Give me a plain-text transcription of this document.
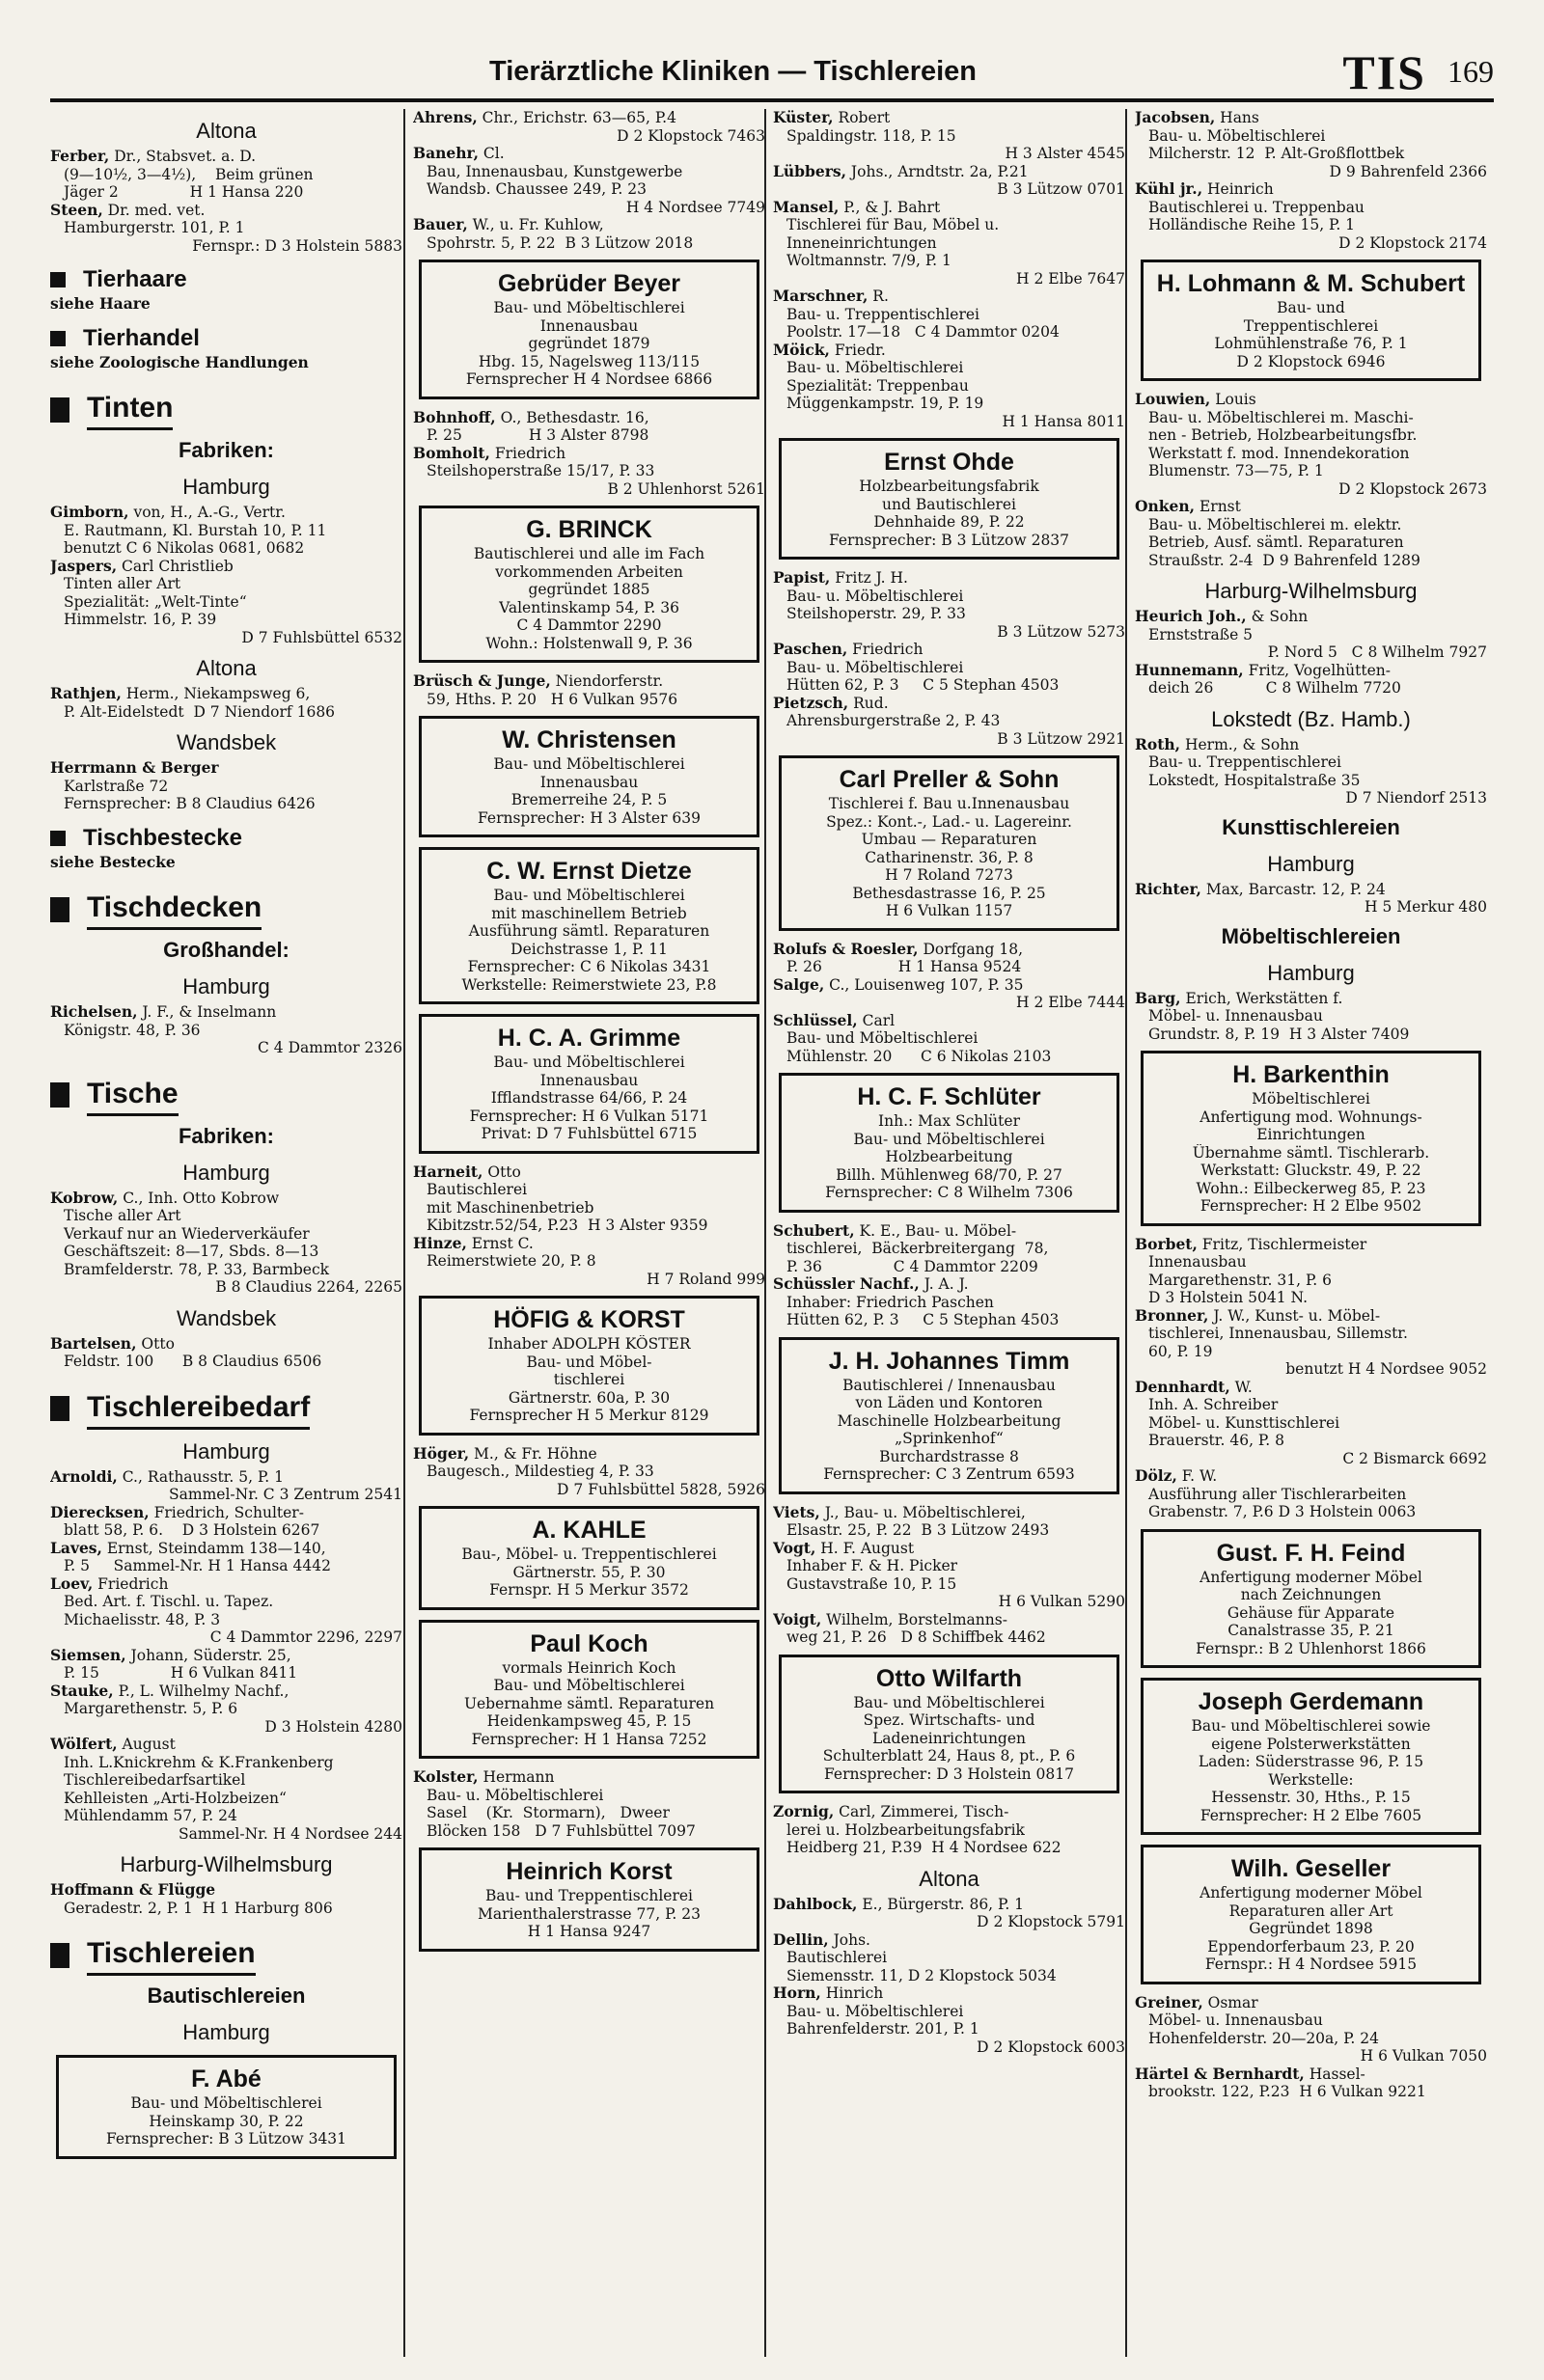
Tierärztliche Kliniken — Tischlereien	TIS 169
Altona
Ferber, Dr., Stabsvet. a. D.
(9—10½, 3—4½),    Beim grünen
Jäger 2               H 1 Hansa 220
Steen, Dr. med. vet.
Hamburgerstr. 101, P. 1
Fernspr.: D 3 Holstein 5883
Tierhaare
siehe Haare
Tierhandel
siehe Zoologische Handlungen
Tinten
Fabriken:
Hamburg
Gimborn, von, H., A.-G., Vertr.
E. Rautmann, Kl. Burstah 10, P. 11
benutzt C 6 Nikolas 0681, 0682
Jaspers, Carl Christlieb
Tinten aller Art
Spezialität: „Welt-Tinte“
Himmelstr. 16, P. 39
D 7 Fuhlsbüttel 6532
Altona
Rathjen, Herm., Niekampsweg 6,
P. Alt-Eidelstedt  D 7 Niendorf 1686
Wandsbek
Herrmann & Berger
Karlstraße 72
Fernsprecher: B 8 Claudius 6426
Tischbestecke
siehe Bestecke
Tischdecken
Großhandel:
Hamburg
Richelsen, J. F., & Inselmann
Königstr. 48, P. 36
C 4 Dammtor 2326
Tische
Fabriken:
Hamburg
Kobrow, C., Inh. Otto Kobrow
Tische aller Art
Verkauf nur an Wiederverkäufer
Geschäftszeit: 8—17, Sbds. 8—13
Bramfelderstr. 78, P. 33, Barmbeck
B 8 Claudius 2264, 2265
Wandsbek
Bartelsen, Otto
Feldstr. 100      B 8 Claudius 6506
Tischlereibedarf
Hamburg
Arnoldi, C., Rathausstr. 5, P. 1
Sammel-Nr. C 3 Zentrum 2541
Dierecksen, Friedrich, Schulter-
blatt 58, P. 6.    D 3 Holstein 6267
Laves, Ernst, Steindamm 138—140,
P. 5     Sammel-Nr. H 1 Hansa 4442
Loev, Friedrich
Bed. Art. f. Tischl. u. Tapez.
Michaelisstr. 48, P. 3
C 4 Dammtor 2296, 2297
Siemsen, Johann, Süderstr. 25,
P. 15               H 6 Vulkan 8411
Stauke, P., L. Wilhelmy Nachf.,
Margarethenstr. 5, P. 6
D 3 Holstein 4280
Wölfert, August
Inh. L.Knickrehm & K.Frankenberg
Tischlereibedarfsartikel
Kehlleisten „Arti-Holzbeizen“
Mühlendamm 57, P. 24
Sammel-Nr. H 4 Nordsee 244
Harburg-Wilhelmsburg
Hoffmann & Flügge
Geradestr. 2, P. 1  H 1 Harburg 806
Tischlereien
Bautischlereien
Hamburg
F. Abé
Bau- und Möbeltischlerei
Heinskamp 30, P. 22
Fernsprecher: B 3 Lützow 3431
Ahrens, Chr., Erichstr. 63—65, P.4
D 2 Klopstock 7463
Banehr, Cl.
Bau, Innenausbau, Kunstgewerbe
Wandsb. Chaussee 249, P. 23
H 4 Nordsee 7749
Bauer, W., u. Fr. Kuhlow,
Spohrstr. 5, P. 22  B 3 Lützow 2018
Gebrüder Beyer
Bau- und Möbeltischlerei
Innenausbau
gegründet 1879
Hbg. 15, Nagelsweg 113/115
Fernsprecher H 4 Nordsee 6866
Bohnhoff, O., Bethesdastr. 16,
P. 25              H 3 Alster 8798
Bomholt, Friedrich
Steilshoperstraße 15/17, P. 33
B 2 Uhlenhorst 5261
G. BRINCK
Bautischlerei und alle im Fach
vorkommenden Arbeiten
gegründet 1885
Valentinskamp 54, P. 36
C 4 Dammtor 2290
Wohn.: Holstenwall 9, P. 36
Brüsch & Junge, Niendorferstr.
59, Hths. P. 20   H 6 Vulkan 9576
W. Christensen
Bau- und Möbeltischlerei
Innenausbau
Bremerreihe 24, P. 5
Fernsprecher: H 3 Alster 639
C. W. Ernst Dietze
Bau- und Möbeltischlerei
mit maschinellem Betrieb
Ausführung sämtl. Reparaturen
Deichstrasse 1, P. 11
Fernsprecher: C 6 Nikolas 3431
Werkstelle: Reimerstwiete 23, P.8
H. C. A. Grimme
Bau- und Möbeltischlerei
Innenausbau
Ifflandstrasse 64/66, P. 24
Fernsprecher: H 6 Vulkan 5171
Privat: D 7 Fuhlsbüttel 6715
Harneit, Otto
Bautischlerei
mit Maschinenbetrieb
Kibitzstr.52/54, P.23  H 3 Alster 9359
Hinze, Ernst C.
Reimerstwiete 20, P. 8
H 7 Roland 999
HÖFIG & KORST
Inhaber ADOLPH KÖSTER
Bau- und Möbel-
tischlerei
Gärtnerstr. 60a, P. 30
Fernsprecher H 5 Merkur 8129
Höger, M., & Fr. Höhne
Baugesch., Mildestieg 4, P. 33
D 7 Fuhlsbüttel 5828, 5926
A. KAHLE
Bau-, Möbel- u. Treppentischlerei
Gärtnerstr. 55, P. 30
Fernspr. H 5 Merkur 3572
Paul Koch
vormals Heinrich Koch
Bau- und Möbeltischlerei
Uebernahme sämtl. Reparaturen
Heidenkampsweg 45, P. 15
Fernsprecher: H 1 Hansa 7252
Kolster, Hermann
Bau- u. Möbeltischlerei
Sasel    (Kr.  Stormarn),   Dweer
Blöcken 158   D 7 Fuhlsbüttel 7097
Heinrich Korst
Bau- und Treppentischlerei
Marienthalerstrasse 77, P. 23
H 1 Hansa 9247
Küster, Robert
Spaldingstr. 118, P. 15
H 3 Alster 4545
Lübbers, Johs., Arndtstr. 2a, P.21
B 3 Lützow 0701
Mansel, P., & J. Bahrt
Tischlerei für Bau, Möbel u.
Inneneinrichtungen
Woltmannstr. 7/9, P. 1
H 2 Elbe 7647
Marschner, R.
Bau- u. Treppentischlerei
Poolstr. 17—18   C 4 Dammtor 0204
Möick, Friedr.
Bau- u. Möbeltischlerei
Spezialität: Treppenbau
Müggenkampstr. 19, P. 19
H 1 Hansa 8011
Ernst Ohde
Holzbearbeitungsfabrik
und Bautischlerei
Dehnhaide 89, P. 22
Fernsprecher: B 3 Lützow 2837
Papist, Fritz J. H.
Bau- u. Möbeltischlerei
Steilshoperstr. 29, P. 33
B 3 Lützow 5273
Paschen, Friedrich
Bau- u. Möbeltischlerei
Hütten 62, P. 3     C 5 Stephan 4503
Pietzsch, Rud.
Ahrensburgerstraße 2, P. 43
B 3 Lützow 2921
Carl Preller & Sohn
Tischlerei f. Bau u.Innenausbau
Spez.: Kont.-, Lad.- u. Lagereinr.
Umbau — Reparaturen
Catharinenstr. 36, P. 8
H 7 Roland 7273
Bethesdastrasse 16, P. 25
H 6 Vulkan 1157
Rolufs & Roesler, Dorfgang 18,
P. 26                H 1 Hansa 9524
Salge, C., Louisenweg 107, P. 35
H 2 Elbe 7444
Schlüssel, Carl
Bau- und Möbeltischlerei
Mühlenstr. 20      C 6 Nikolas 2103
H. C. F. Schlüter
Inh.: Max Schlüter
Bau- und Möbeltischlerei
Holzbearbeitung
Billh. Mühlenweg 68/70, P. 27
Fernsprecher: C 8 Wilhelm 7306
Schubert, K. E., Bau- u. Möbel-
tischlerei,  Bäckerbreitergang  78,
P. 36               C 4 Dammtor 2209
Schüssler Nachf., J. A. J.
Inhaber: Friedrich Paschen
Hütten 62, P. 3     C 5 Stephan 4503
J. H. Johannes Timm
Bautischlerei / Innenausbau
von Läden und Kontoren
Maschinelle Holzbearbeitung
„Sprinkenhof“
Burchardstrasse 8
Fernsprecher: C 3 Zentrum 6593
Viets, J., Bau- u. Möbeltischlerei,
Elsastr. 25, P. 22  B 3 Lützow 2493
Vogt, H. F. August
Inhaber F. & H. Picker
Gustavstraße 10, P. 15
H 6 Vulkan 5290
Voigt, Wilhelm, Borstelmanns-
weg 21, P. 26   D 8 Schiffbek 4462
Otto Wilfarth
Bau- und Möbeltischlerei
Spez. Wirtschafts- und
Ladeneinrichtungen
Schulterblatt 24, Haus 8, pt., P. 6
Fernsprecher: D 3 Holstein 0817
Zornig, Carl, Zimmerei, Tisch-
lerei u. Holzbearbeitungsfabrik
Heidberg 21, P.39  H 4 Nordsee 622
Altona
Dahlbock, E., Bürgerstr. 86, P. 1
D 2 Klopstock 5791
Dellin, Johs.
Bautischlerei
Siemensstr. 11, D 2 Klopstock 5034
Horn, Hinrich
Bau- u. Möbeltischlerei
Bahrenfelderstr. 201, P. 1
D 2 Klopstock 6003
Jacobsen, Hans
Bau- u. Möbeltischlerei
Milcherstr. 12  P. Alt-Großflottbek
D 9 Bahrenfeld 2366
Kühl jr., Heinrich
Bautischlerei u. Treppenbau
Holländische Reihe 15, P. 1
D 2 Klopstock 2174
H. Lohmann & M. Schubert
Bau- und
Treppentischlerei
Lohmühlenstraße 76, P. 1
D 2 Klopstock 6946
Louwien, Louis
Bau- u. Möbeltischlerei m. Maschi-
nen - Betrieb, Holzbearbeitungsfbr.
Werkstatt f. mod. Innendekoration
Blumenstr. 73—75, P. 1
D 2 Klopstock 2673
Onken, Ernst
Bau- u. Möbeltischlerei m. elektr.
Betrieb, Ausf. sämtl. Reparaturen
Straußstr. 2-4  D 9 Bahrenfeld 1289
Harburg-Wilhelmsburg
Heurich Joh., & Sohn
Ernststraße 5
P. Nord 5   C 8 Wilhelm 7927
Hunnemann, Fritz, Vogelhütten-
deich 26           C 8 Wilhelm 7720
Lokstedt (Bz. Hamb.)
Roth, Herm., & Sohn
Bau- u. Treppentischlerei
Lokstedt, Hospitalstraße 35
D 7 Niendorf 2513
Kunsttischlereien
Hamburg
Richter, Max, Barcastr. 12, P. 24
H 5 Merkur 480
Möbeltischlereien
Hamburg
Barg, Erich, Werkstätten f.
Möbel- u. Innenausbau
Grundstr. 8, P. 19  H 3 Alster 7409
H. Barkenthin
Möbeltischlerei
Anfertigung mod. Wohnungs-
Einrichtungen
Übernahme sämtl. Tischlerarb.
Werkstatt: Gluckstr. 49, P. 22
Wohn.: Eilbeckerweg 85, P. 23
Fernsprecher: H 2 Elbe 9502
Borbet, Fritz, Tischlermeister
Innenausbau
Margarethenstr. 31, P. 6
D 3 Holstein 5041 N.
Bronner, J. W., Kunst- u. Möbel-
tischlerei, Innenausbau, Sillemstr.
60, P. 19
benutzt H 4 Nordsee 9052
Dennhardt, W.
Inh. A. Schreiber
Möbel- u. Kunsttischlerei
Brauerstr. 46, P. 8
C 2 Bismarck 6692
Dölz, F. W.
Ausführung aller Tischlerarbeiten
Grabenstr. 7, P.6 D 3 Holstein 0063
Gust. F. H. Feind
Anfertigung moderner Möbel
nach Zeichnungen
Gehäuse für Apparate
Canalstrasse 35, P. 21
Fernspr.: B 2 Uhlenhorst 1866
Joseph Gerdemann
Bau- und Möbeltischlerei sowie
eigene Polsterwerkstätten
Laden: Süderstrasse 96, P. 15
Werkstelle:
Hessenstr. 30, Hths., P. 15
Fernsprecher: H 2 Elbe 7605
Wilh. Geseller
Anfertigung moderner Möbel
Reparaturen aller Art
Gegründet 1898
Eppendorferbaum 23, P. 20
Fernspr.: H 4 Nordsee 5915
Greiner, Osmar
Möbel- u. Innenausbau
Hohenfelderstr. 20—20a, P. 24
H 6 Vulkan 7050
Härtel & Bernhardt, Hassel-
brookstr. 122, P.23  H 6 Vulkan 9221
